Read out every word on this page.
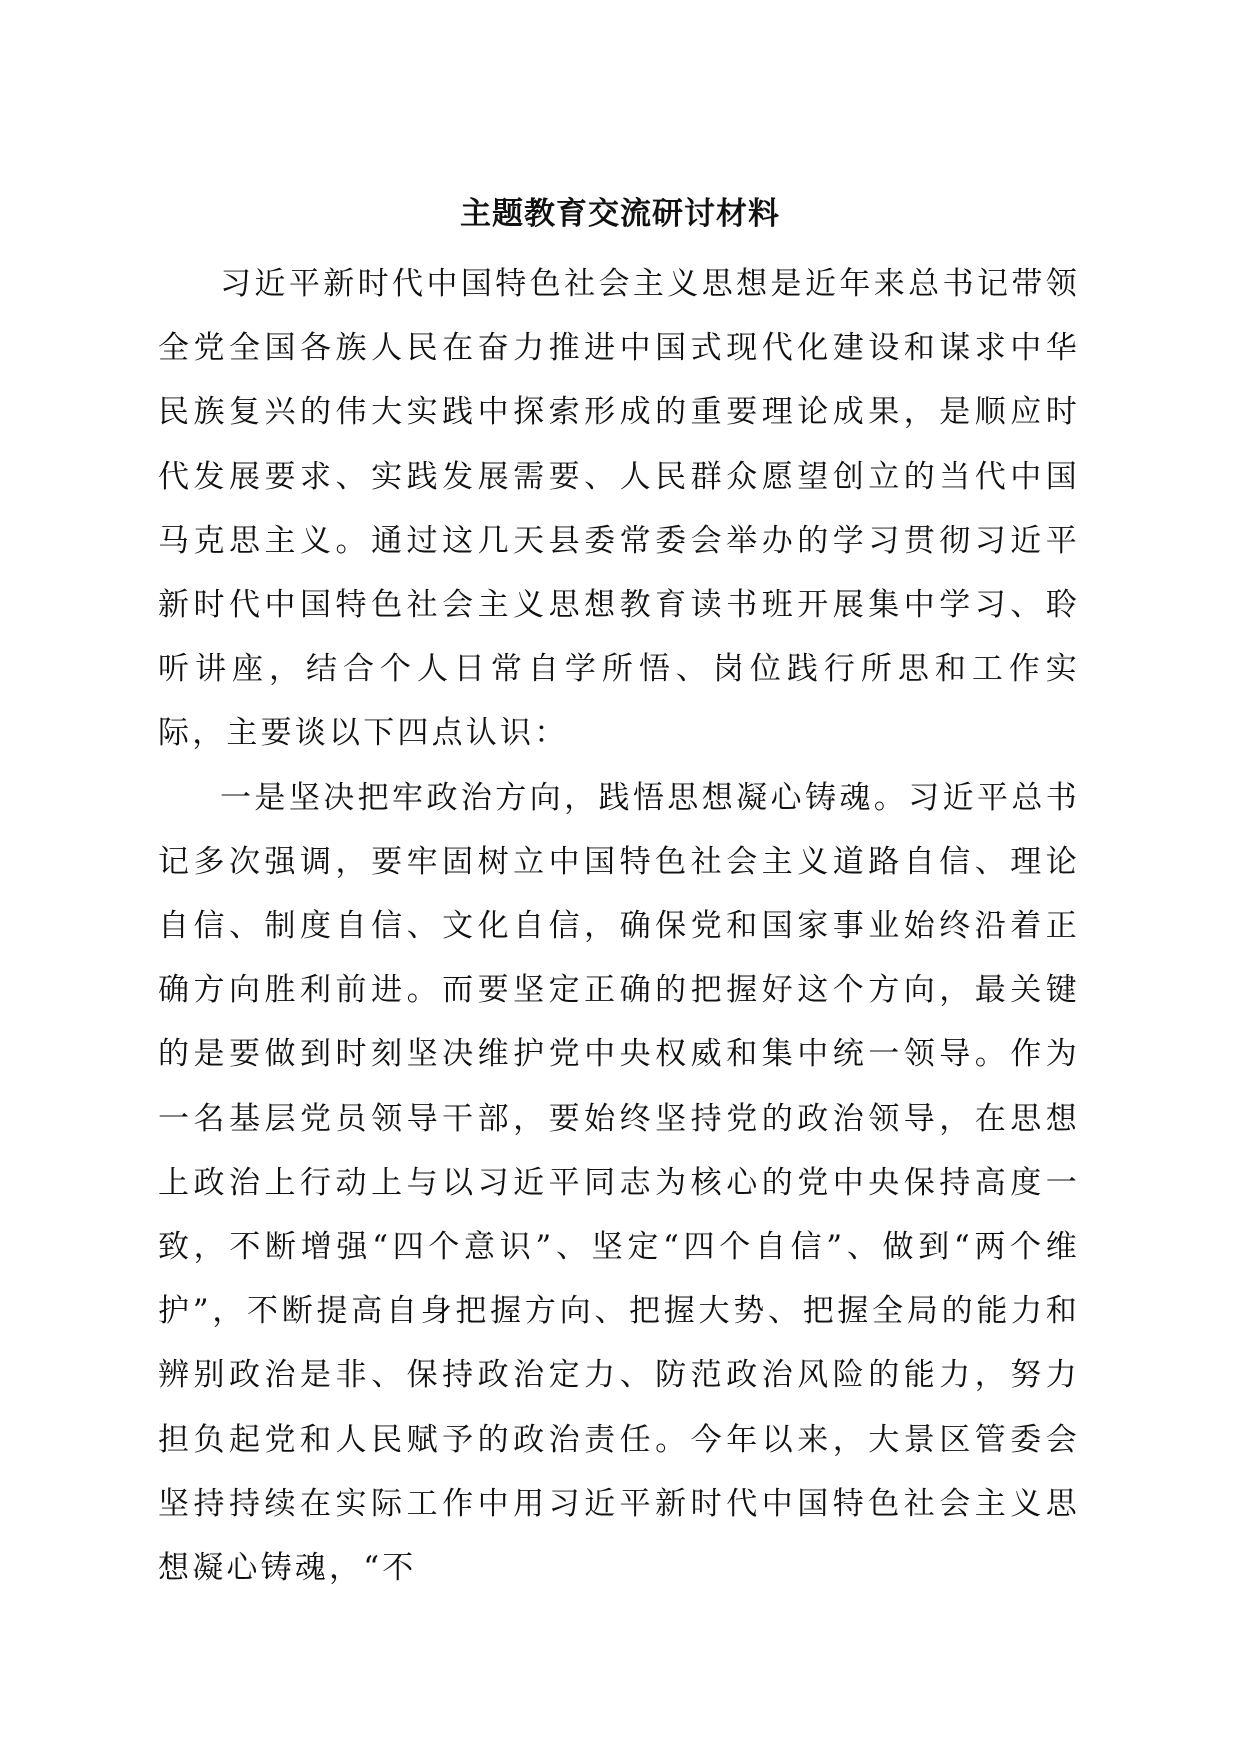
主题教育交流研讨材料

习近平新时代中国特色社会主义思想是近年来总书记带领全党全国各族人民在奋力推进中国式现代化建设和谋求中华民族复兴的伟大实践中探索形成的重要理论成果，是顺应时代发展要求、实践发展需要、人民群众愿望创立的当代中国马克思主义。通过这几天县委常委会举办的学习贯彻习近平新时代中国特色社会主义思想教育读书班开展集中学习、聆听讲座，结合个人日常自学所悟、岗位践行所思和工作实际，主要谈以下四点认识：

一是坚决把牢政治方向，践悟思想凝心铸魂。习近平总书记多次强调，要牢固树立中国特色社会主义道路自信、理论自信、制度自信、文化自信，确保党和国家事业始终沿着正确方向胜利前进。而要坚定正确的把握好这个方向，最关键的是要做到时刻坚决维护党中央权威和集中统一领导。作为一名基层党员领导干部，要始终坚持党的政治领导，在思想上政治上行动上与以习近平同志为核心的党中央保持高度一致，不断增强“四个意识”、坚定“四个自信”、做到“两个维护”，不断提高自身把握方向、把握大势、把握全局的能力和辨别政治是非、保持政治定力、防范政治风险的能力，努力担负起党和人民赋予的政治责任。今年以来，大景区管委会坚持持续在实际工作中用习近平新时代中国特色社会主义思想凝心铸魂，“不
